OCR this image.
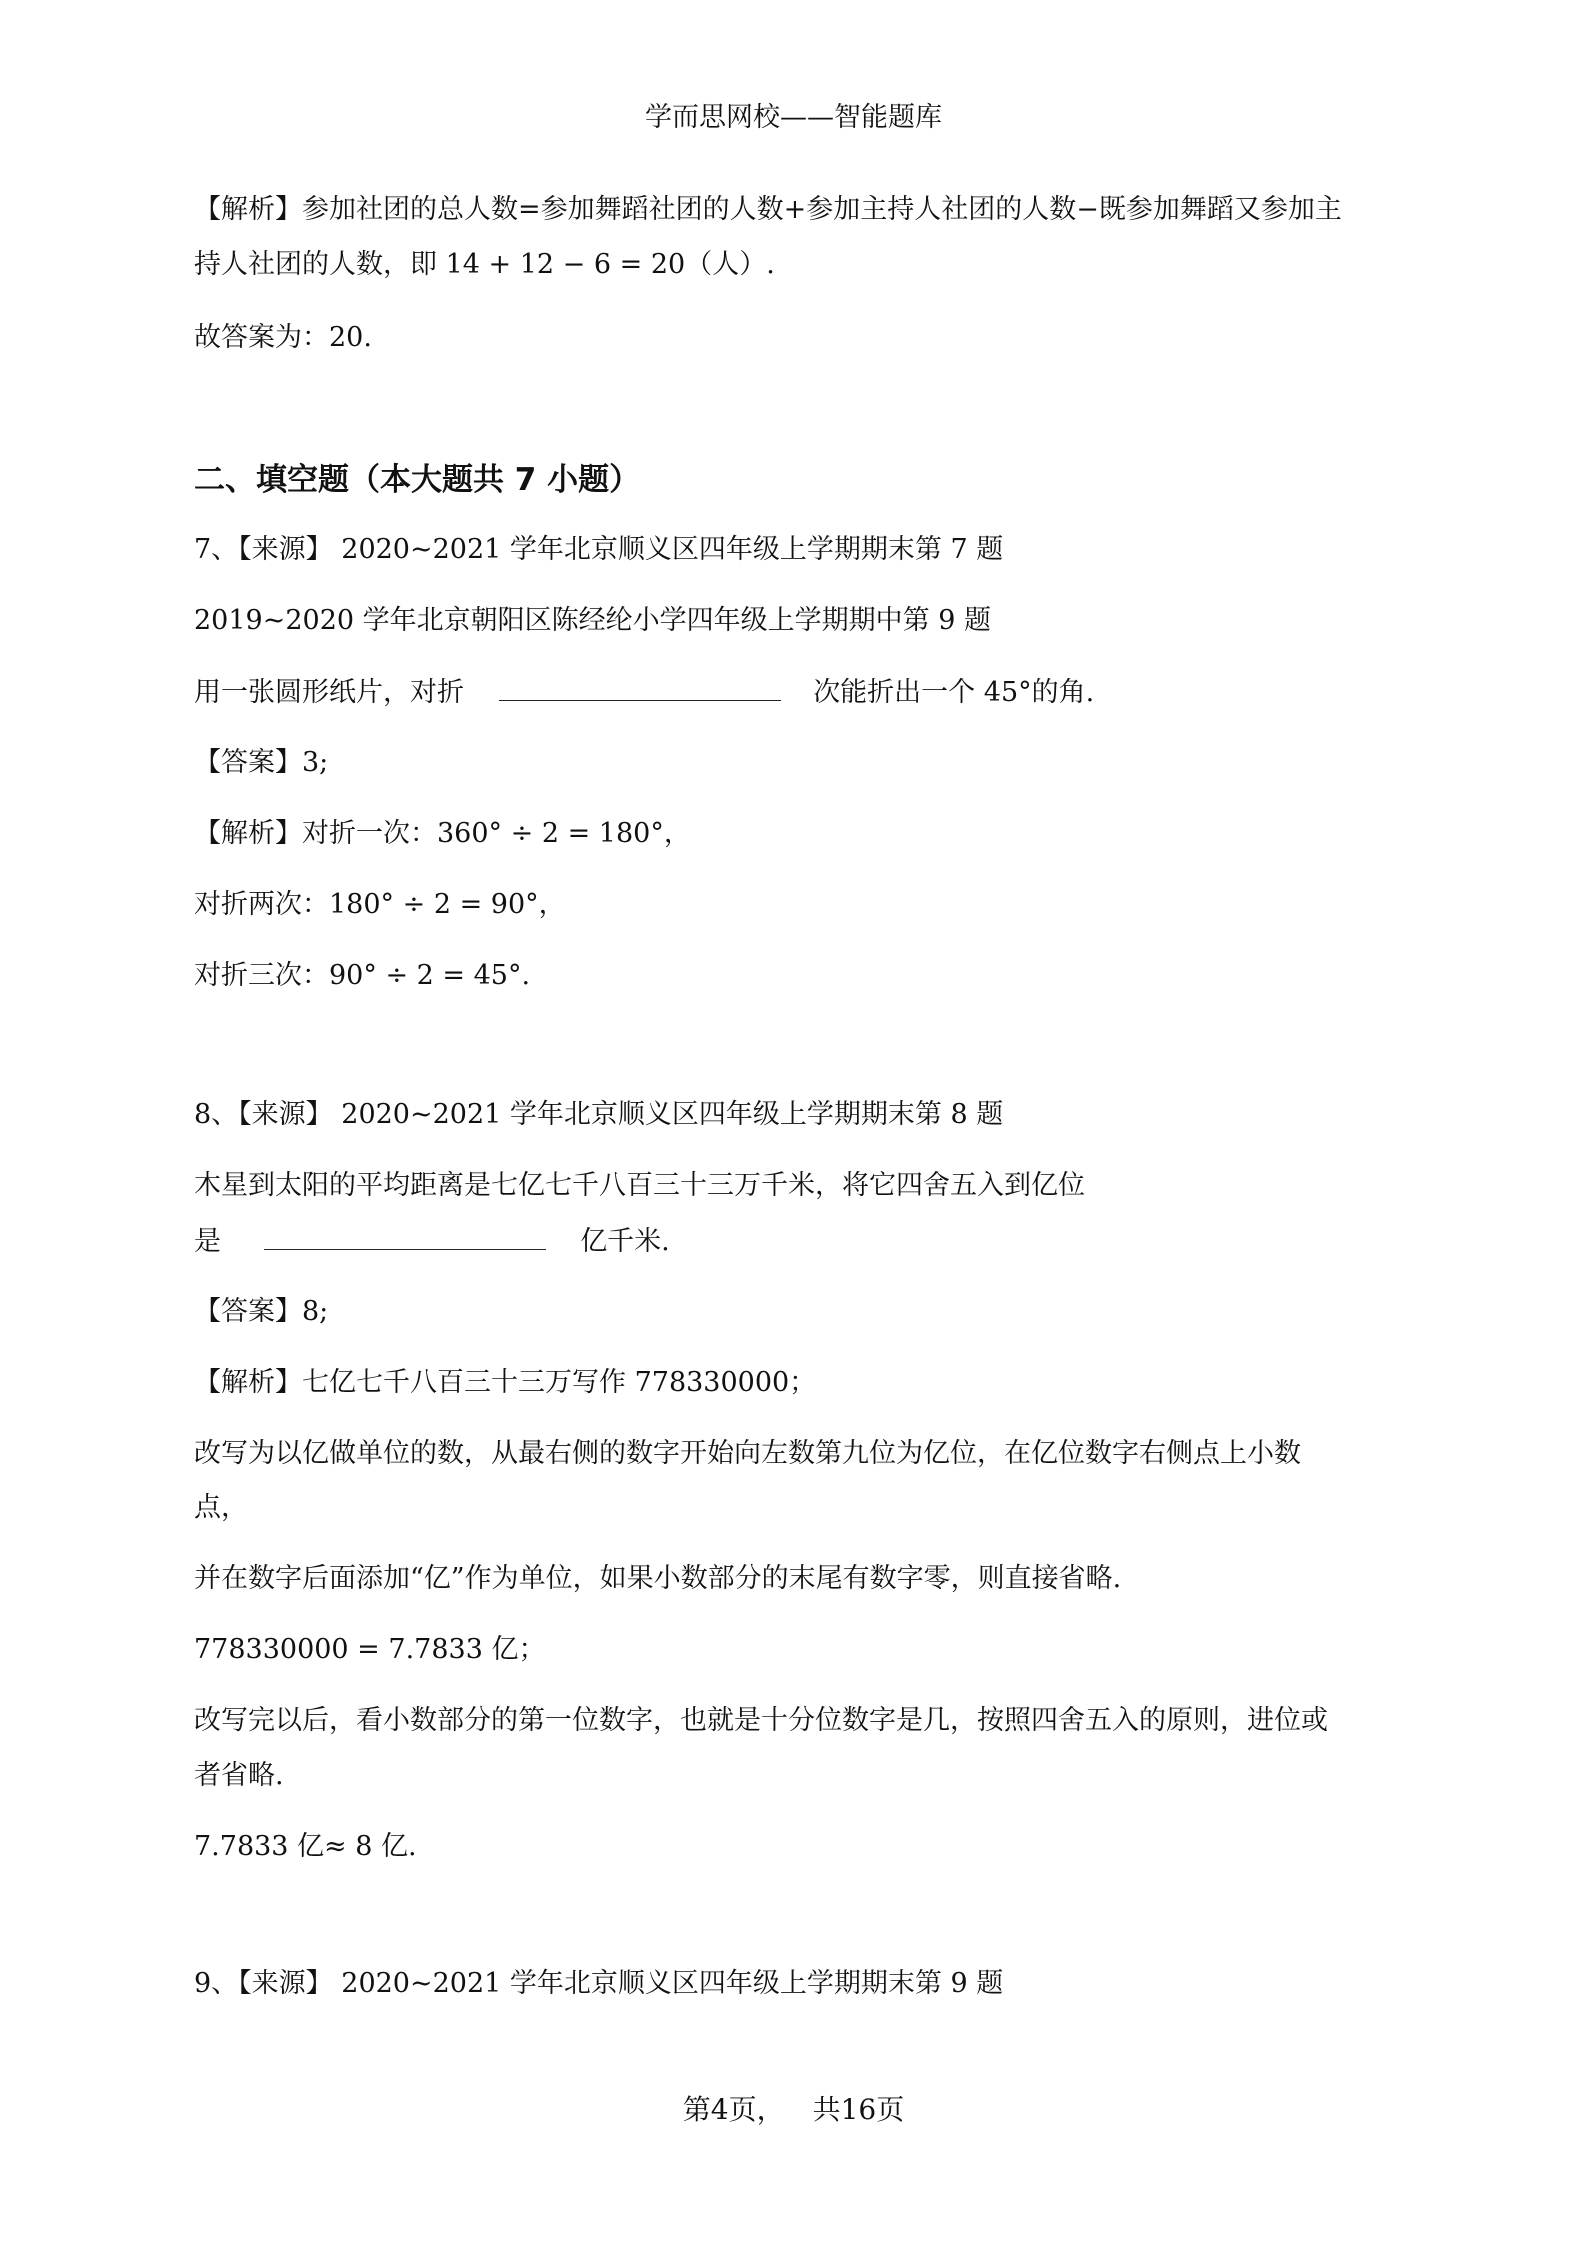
学而思网校——智能题库
【解析】参加社团的总人数=参加舞蹈社团的人数+参加主持人社团的人数−既参加舞蹈又参加主
持人社团的人数，即 14 + 12 − 6 = 20（人）.
故答案为：20.
二、填空题（本大题共 7 小题）
7、【来源】 2020~2021 学年北京顺义区四年级上学期期末第 7 题
2019~2020 学年北京朝阳区陈经纶小学四年级上学期期中第 9 题
用一张圆形纸片，对折	次能折出一个 45°的角.
【答案】3;
【解析】对折一次：360° ÷ 2 = 180°，
对折两次：180° ÷ 2 = 90°，
对折三次：90° ÷ 2 = 45°.
8、【来源】 2020~2021 学年北京顺义区四年级上学期期末第 8 题
木星到太阳的平均距离是七亿七千八百三十三万千米，将它四舍五入到亿位
是	亿千米.
【答案】8;
【解析】七亿七千八百三十三万写作 778330000；
改写为以亿做单位的数，从最右侧的数字开始向左数第九位为亿位，在亿位数字右侧点上小数
点，
并在数字后面添加“亿”作为单位，如果小数部分的末尾有数字零，则直接省略.
778330000 = 7.7833 亿；
改写完以后，看小数部分的第一位数字，也就是十分位数字是几，按照四舍五入的原则，进位或
者省略.
7.7833 亿≈ 8 亿.
9、【来源】 2020~2021 学年北京顺义区四年级上学期期末第 9 题
第4页， 共16页
